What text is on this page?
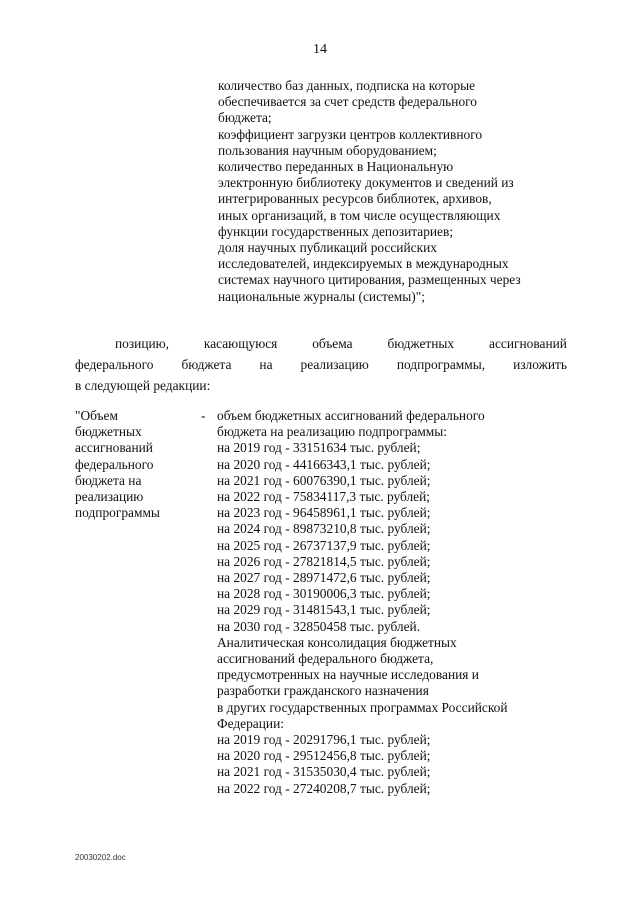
14
количество баз данных, подписка на которые
обеспечивается за счет средств федерального
бюджета;
коэффициент загрузки центров коллективного
пользования научным оборудованием;
количество переданных в Национальную
электронную библиотеку документов и сведений из
интегрированных ресурсов библиотек, архивов,
иных организаций, в том числе осуществляющих
функции государственных депозитариев;
доля научных публикаций российских
исследователей, индексируемых в международных
системах научного цитирования, размещенных через
национальные журналы (системы)";
позицию,	касающуюся	объема	бюджетных	ассигнований
федерального бюджета на реализацию подпрограммы, изложить
в следующей редакции:
"Объем
бюджетных
ассигнований
федерального
бюджета на
реализацию
подпрограммы
- объем бюджетных ассигнований федерального
бюджета на реализацию подпрограммы:
на 2019 год - 33151634 тыс. рублей;
на 2020 год - 44166343,1 тыс. рублей;
на 2021 год - 60076390,1 тыс. рублей;
на 2022 год - 75834117,3 тыс. рублей;
на 2023 год - 96458961,1 тыс. рублей;
на 2024 год - 89873210,8 тыс. рублей;
на 2025 год - 26737137,9 тыс. рублей;
на 2026 год - 27821814,5 тыс. рублей;
на 2027 год - 28971472,6 тыс. рублей;
на 2028 год - 30190006,3 тыс. рублей;
на 2029 год - 31481543,1 тыс. рублей;
на 2030 год - 32850458 тыс. рублей.
Аналитическая консолидация бюджетных
ассигнований федерального бюджета,
предусмотренных на научные исследования и
разработки гражданского назначения
в других государственных программах Российской
Федерации:
на 2019 год - 20291796,1 тыс. рублей;
на 2020 год - 29512456,8 тыс. рублей;
на 2021 год - 31535030,4 тыс. рублей;
на 2022 год - 27240208,7 тыс. рублей;
20030202.doc
